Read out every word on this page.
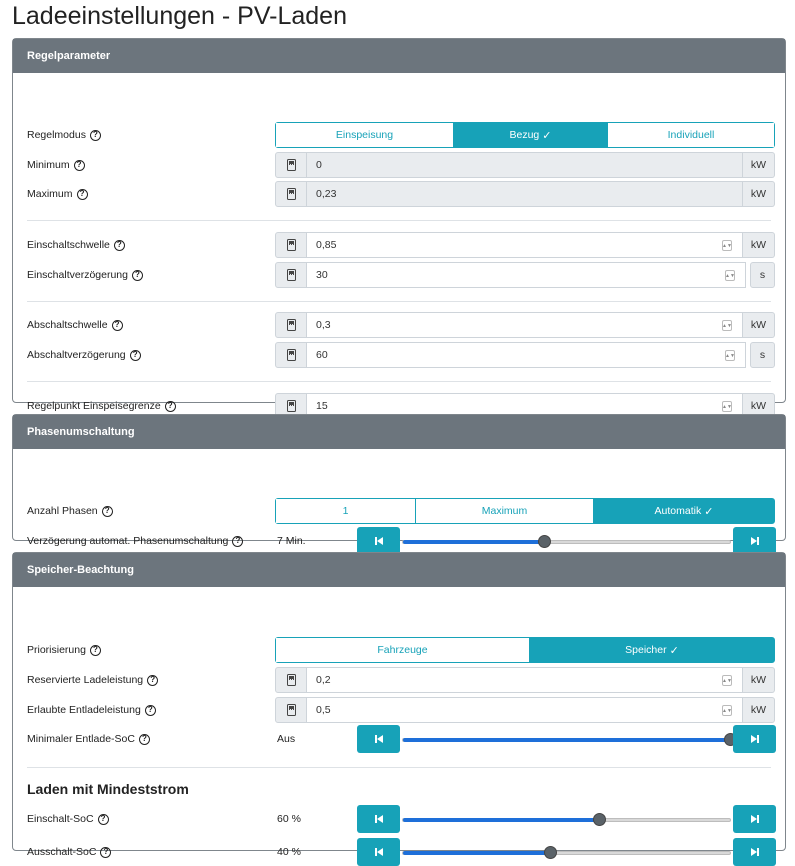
Ladeeinstellungen - PV-Laden
Regelparameter
Regelmodus ?	Einspeisung	Bezug ✓	Individuell
Minimum ?	0	kW
Maximum ?	0,23	kW
Einschaltschwelle ?	0,85	▲▼	kW
Einschaltverzögerung ?	30	▲▼	s
Abschaltschwelle ?	0,3	▲▼	kW
Abschaltverzögerung ?	60	▲▼	s
Regelpunkt Einspeisegrenze ?	15	▲▼	kW
Phasenumschaltung
Anzahl Phasen ?	1	Maximum	Automatik ✓
Verzögerung automat. Phasenumschaltung ?	7 Min.
Speicher-Beachtung
Priorisierung ?	Fahrzeuge	Speicher ✓
Reservierte Ladeleistung ?	0,2	▲▼	kW
Erlaubte Entladeleistung ?	0,5	▲▼	kW
Minimaler Entlade-SoC ?	Aus
Laden mit Mindeststrom
Einschalt-SoC ?	60 %
Ausschalt-SoC ?	40 %
